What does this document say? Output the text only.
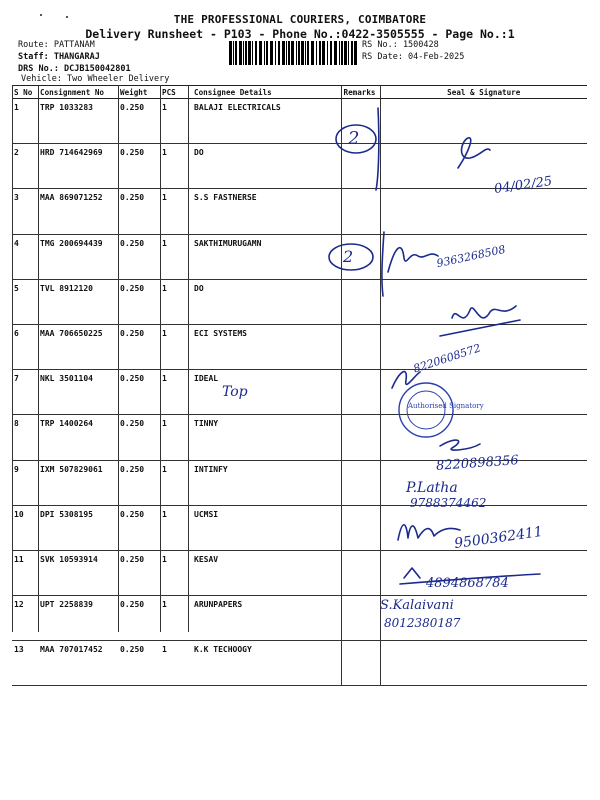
THE PROFESSIONAL COURIERS, COIMBATORE
Delivery Runsheet - P103 - Phone No.:0422-3505555 - Page No.:1
Route: PATTANAM
Staff: THANGARAJ
DRS No.: DCJB150042801
Vehicle: Two Wheeler Delivery
RS No.: 1500428
RS Date: 04-Feb-2025
S No	Consignment No	Weight	PCS	Consignee Details	Remarks	Seal & Signature
1	TRP 1033283	0.250	1	BALAJI ELECTRICALS		
2	HRD 714642969	0.250	1	DO		
3	MAA 869071252	0.250	1	S.S FASTNERSE		
4	TMG 200694439	0.250	1	SAKTHIMURUGAMN		
5	TVL 8912120	0.250	1	DO		
6	MAA 706650225	0.250	1	ECI SYSTEMS		
7	NKL 3501104	0.250	1	IDEAL		
8	TRP 1400264	0.250	1	TINNY		
9	IXM 507829061	0.250	1	INTINFY		
10	DPI 5308195	0.250	1	UCMSI		
11	SVK 10593914	0.250	1	KESAV		
12	UPT 2258839	0.250	1	ARUNPAPERS		
13	MAA 707017452	0.250	1	K.K TECHOOGY		
2
2
04/02/25
Top
9363268508
8220608572
Authorised Signatory
8220898356
P.Latha
9788374462
9500362411
4894868784
S.Kalaivani
8012380187
